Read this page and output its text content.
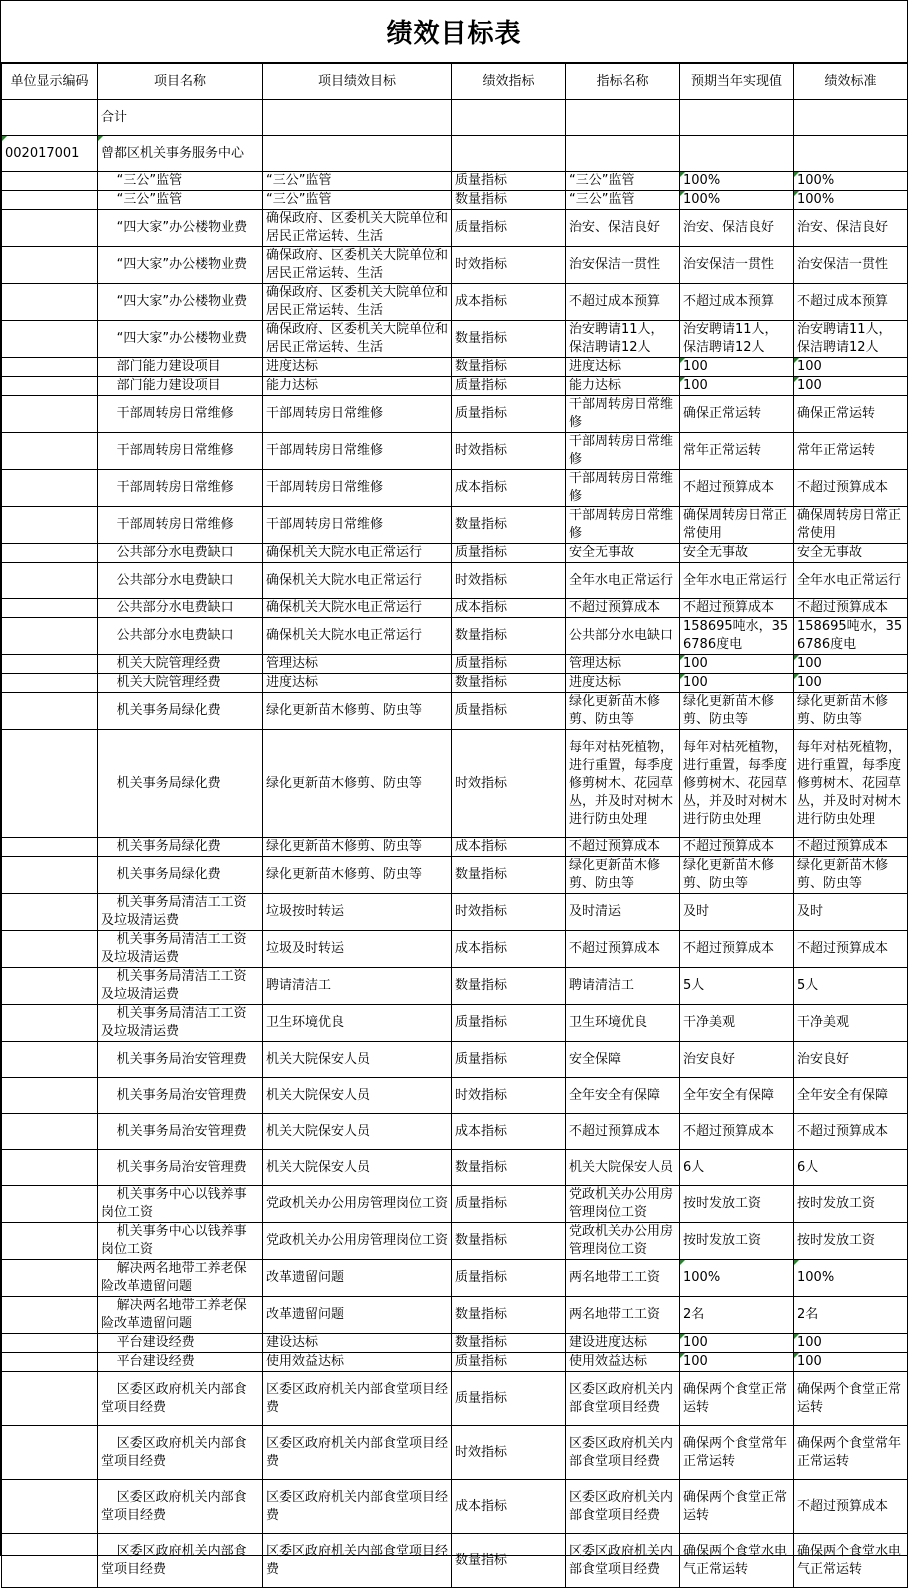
绩效目标表
单位显示编码	项目名称	项目绩效目标	绩效指标	指标名称	预期当年实现值	绩效标准
	合计					
002017001	曾都区机关事务服务中心					
	“三公”监管	“三公”监管	质量指标	“三公”监管	100%	100%
	“三公”监管	“三公”监管	数量指标	“三公”监管	100%	100%
	“四大家”办公楼物业费	确保政府、区委机关大院单位和居民正常运转、生活	质量指标	治安、保洁良好	治安、保洁良好	治安、保洁良好
	“四大家”办公楼物业费	确保政府、区委机关大院单位和居民正常运转、生活	时效指标	治安保洁一贯性	治安保洁一贯性	治安保洁一贯性
	“四大家”办公楼物业费	确保政府、区委机关大院单位和居民正常运转、生活	成本指标	不超过成本预算	不超过成本预算	不超过成本预算
	“四大家”办公楼物业费	确保政府、区委机关大院单位和居民正常运转、生活	数量指标	治安聘请11人，保洁聘请12人	治安聘请11人，保洁聘请12人	治安聘请11人，保洁聘请12人
	部门能力建设项目	进度达标	数量指标	进度达标	100	100
	部门能力建设项目	能力达标	质量指标	能力达标	100	100
	干部周转房日常维修	干部周转房日常维修	质量指标	干部周转房日常维修	确保正常运转	确保正常运转
	干部周转房日常维修	干部周转房日常维修	时效指标	干部周转房日常维修	常年正常运转	常年正常运转
	干部周转房日常维修	干部周转房日常维修	成本指标	干部周转房日常维修	不超过预算成本	不超过预算成本
	干部周转房日常维修	干部周转房日常维修	数量指标	干部周转房日常维修	确保周转房日常正常使用	确保周转房日常正常使用
	公共部分水电费缺口	确保机关大院水电正常运行	质量指标	安全无事故	安全无事故	安全无事故
	公共部分水电费缺口	确保机关大院水电正常运行	时效指标	全年水电正常运行	全年水电正常运行	全年水电正常运行
	公共部分水电费缺口	确保机关大院水电正常运行	成本指标	不超过预算成本	不超过预算成本	不超过预算成本
	公共部分水电费缺口	确保机关大院水电正常运行	数量指标	公共部分水电缺口	158695吨水，356786度电	158695吨水，356786度电
	机关大院管理经费	管理达标	质量指标	管理达标	100	100
	机关大院管理经费	进度达标	数量指标	进度达标	100	100
	机关事务局绿化费	绿化更新苗木修剪、防虫等	质量指标	绿化更新苗木修剪、防虫等	绿化更新苗木修剪、防虫等	绿化更新苗木修剪、防虫等
	机关事务局绿化费	绿化更新苗木修剪、防虫等	时效指标	每年对枯死植物，进行重置，每季度修剪树木、花园草丛，并及时对树木进行防虫处理	每年对枯死植物，进行重置，每季度修剪树木、花园草丛，并及时对树木进行防虫处理	每年对枯死植物，进行重置，每季度修剪树木、花园草丛，并及时对树木进行防虫处理
	机关事务局绿化费	绿化更新苗木修剪、防虫等	成本指标	不超过预算成本	不超过预算成本	不超过预算成本
	机关事务局绿化费	绿化更新苗木修剪、防虫等	数量指标	绿化更新苗木修剪、防虫等	绿化更新苗木修剪、防虫等	绿化更新苗木修剪、防虫等
	机关事务局清洁工工资及垃圾清运费	垃圾按时转运	时效指标	及时清运	及时	及时
	机关事务局清洁工工资及垃圾清运费	垃圾及时转运	成本指标	不超过预算成本	不超过预算成本	不超过预算成本
	机关事务局清洁工工资及垃圾清运费	聘请清洁工	数量指标	聘请清洁工	5人	5人
	机关事务局清洁工工资及垃圾清运费	卫生环境优良	质量指标	卫生环境优良	干净美观	干净美观
	机关事务局治安管理费	机关大院保安人员	质量指标	安全保障	治安良好	治安良好
	机关事务局治安管理费	机关大院保安人员	时效指标	全年安全有保障	全年安全有保障	全年安全有保障
	机关事务局治安管理费	机关大院保安人员	成本指标	不超过预算成本	不超过预算成本	不超过预算成本
	机关事务局治安管理费	机关大院保安人员	数量指标	机关大院保安人员	6人	6人
	机关事务中心以钱养事岗位工资	党政机关办公用房管理岗位工资	质量指标	党政机关办公用房管理岗位工资	按时发放工资	按时发放工资
	机关事务中心以钱养事岗位工资	党政机关办公用房管理岗位工资	数量指标	党政机关办公用房管理岗位工资	按时发放工资	按时发放工资
	解决两名地带工养老保险改革遗留问题	改革遗留问题	质量指标	两名地带工工资	100%	100%
	解决两名地带工养老保险改革遗留问题	改革遗留问题	数量指标	两名地带工工资	2名	2名
	平台建设经费	建设达标	数量指标	建设进度达标	100	100
	平台建设经费	使用效益达标	质量指标	使用效益达标	100	100
	区委区政府机关内部食堂项目经费	区委区政府机关内部食堂项目经费	质量指标	区委区政府机关内部食堂项目经费	确保两个食堂正常运转	确保两个食堂正常运转
	区委区政府机关内部食堂项目经费	区委区政府机关内部食堂项目经费	时效指标	区委区政府机关内部食堂项目经费	确保两个食堂常年正常运转	确保两个食堂常年正常运转
	区委区政府机关内部食堂项目经费	区委区政府机关内部食堂项目经费	成本指标	区委区政府机关内部食堂项目经费	确保两个食堂正常运转	不超过预算成本
	区委区政府机关内部食堂项目经费	区委区政府机关内部食堂项目经费	数量指标	区委区政府机关内部食堂项目经费	确保两个食堂水电气正常运转	确保两个食堂水电气正常运转
